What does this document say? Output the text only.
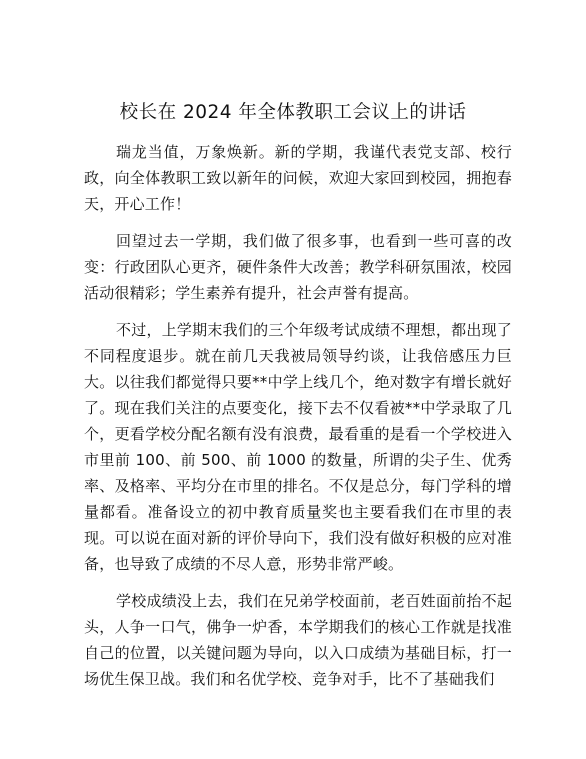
校长在 2024 年全体教职工会议上的讲话

瑞龙当值，万象焕新。新的学期，我谨代表党支部、校行政，向全体教职工致以新年的问候，欢迎大家回到校园，拥抱春天，开心工作！

回望过去一学期，我们做了很多事，也看到一些可喜的改变：行政团队心更齐，硬件条件大改善；教学科研氛围浓，校园活动很精彩；学生素养有提升，社会声誉有提高。

不过，上学期末我们的三个年级考试成绩不理想，都出现了不同程度退步。就在前几天我被局领导约谈，让我倍感压力巨大。以往我们都觉得只要**中学上线几个，绝对数字有增长就好了。现在我们关注的点要变化，接下去不仅看被**中学录取了几个，更看学校分配名额有没有浪费，最看重的是看一个学校进入市里前 100、前 500、前 1000 的数量，所谓的尖子生、优秀率、及格率、平均分在市里的排名。不仅是总分，每门学科的增量都看。准备设立的初中教育质量奖也主要看我们在市里的表现。可以说在面对新的评价导向下，我们没有做好积极的应对准备，也导致了成绩的不尽人意，形势非常严峻。

学校成绩没上去，我们在兄弟学校面前，老百姓面前抬不起头，人争一口气，佛争一炉香，本学期我们的核心工作就是找准自己的位置，以关键问题为导向，以入口成绩为基础目标，打一场优生保卫战。我们和名优学校、竞争对手，比不了基础我们
